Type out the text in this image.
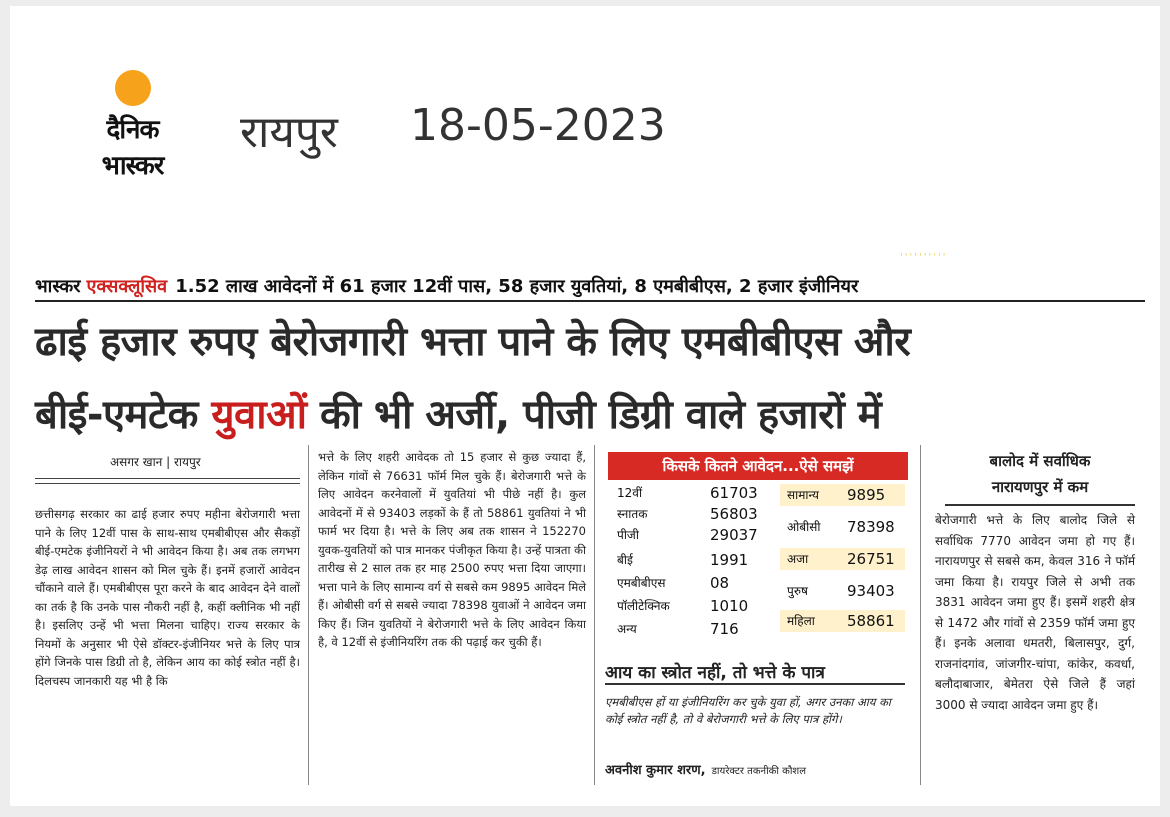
दैनिक
भास्कर
रायपुर 18-05-2023
''''''''''
भास्कर एक्सक्लूसिव 1.52 लाख आवेदनों में 61 हजार 12वीं पास, 58 हजार युवतियां, 8 एमबीबीएस, 2 हजार इंजीनियर
ढाई हजार रुपए बेरोजगारी भत्ता पाने के लिए एमबीबीएस और
बीई-एमटेक युवाओं की भी अर्जी, पीजी डिग्री वाले हजारों में
असगर खान | रायपुर
छत्तीसगढ़ सरकार का ढाई हजार रुपए महीना बेरोजगारी भत्ता पाने के लिए 12वीं पास के साथ-साथ एमबीबीएस और सैकड़ों बीई-एमटेक इंजीनियरों ने भी आवेदन किया है। अब तक लगभग डेढ़ लाख आवेदन शासन को मिल चुके हैं। इनमें हजारों आवेदन चौंकाने वाले हैं। एमबीबीएस पूरा करने के बाद आवेदन देने वालों का तर्क है कि उनके पास नौकरी नहीं है, कहीं क्लीनिक भी नहीं है। इसलिए उन्हें भी भत्ता मिलना चाहिए। राज्य सरकार के नियमों के अनुसार भी ऐसे डॉक्टर-इंजीनियर भत्ते के लिए पात्र होंगे जिनके पास डिग्री तो है, लेकिन आय का कोई स्त्रोत नहीं है। दिलचस्प जानकारी यह भी है कि
भत्ते के लिए शहरी आवेदक तो 15 हजार से कुछ ज्यादा हैं, लेकिन गांवों से 76631 फॉर्म मिल चुके हैं। बेरोजगारी भत्ते के लिए आवेदन करनेवालों में युवतियां भी पीछे नहीं है। कुल आवेदनों में से 93403 लड़कों के हैं तो 58861 युवतियां ने भी फार्म भर दिया है। भत्ते के लिए अब तक शासन ने 152270 युवक-युवतियों को पात्र मानकर पंजीकृत किया है। उन्हें पात्रता की तारीख से 2 साल तक हर माह 2500 रुपए भत्ता दिया जाएगा। भत्ता पाने के लिए सामान्य वर्ग से सबसे कम 9895 आवेदन मिले हैं। ओबीसी वर्ग से सबसे ज्यादा 78398 युवाओं ने आवेदन जमा किए हैं। जिन युवतियों ने बेरोजगारी भत्ते के लिए आवेदन किया है, वे 12वीं से इंजीनियरिंग तक की पढ़ाई कर चुकी हैं।
किसके कितने आवेदन...ऐसे समझें
12वीं	61703
स्नातक	56803
पीजी	29037
बीई	1991
एमबीबीएस	08
पॉलीटेक्निक	1010
अन्य	716
सामान्य 9895
ओबीसी 78398
अजा	26751
पुरुष	93403
महिला 58861
आय का स्त्रोत नहीं, तो भत्ते के पात्र
एमबीबीएस हों या इंजीनियरिंग कर चुके युवा हों, अगर उनका आय का कोई स्त्रोत नहीं है, तो वे बेरोजगारी भत्ते के लिए पात्र होंगे।
अवनीश कुमार शरण, डायरेक्टर तकनीकी कौशल
बालोद में सर्वाधिक
नारायणपुर में कम
बेरोजगारी भत्ते के लिए बालोद जिले से सर्वाधिक 7770 आवेदन जमा हो गए हैं। नारायणपुर से सबसे कम, केवल 316 ने फॉर्म जमा किया है। रायपुर जिले से अभी तक 3831 आवेदन जमा हुए हैं। इसमें शहरी क्षेत्र से 1472 और गांवों से 2359 फॉर्म जमा हुए हैं। इनके अलावा धमतरी, बिलासपुर, दुर्ग, राजनांदगांव, जांजगीर-चांपा, कांकेर, कवर्धा, बलौदाबाजार, बेमेतरा ऐसे जिले हैं जहां 3000 से ज्यादा आवेदन जमा हुए हैं।
